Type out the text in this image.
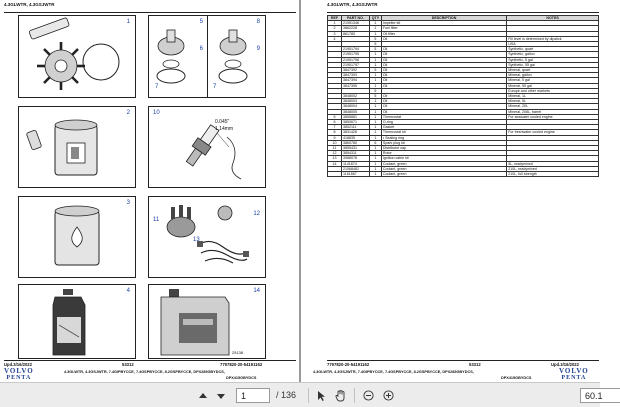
4.3GLWTR, 4.3GSJWTR
1	5	8
6	9
7	7
2	10
0.045"
1.14mm
3
11
12
13
4	14
25138
Upd.3/16/2022	53312	7797820-20-54191162
4.3GLWTR, 4.3GSJWTR, 7.4GIPBYCCE, 7.4GSPBYCCE, 8.2GSPBYCCE, DPX285GBYDCS,
DPX415GBYDCS
VOLVO
PENTA
4.3GLWTR, 4.3GSJWTR
REF	PART NO.	QTY	DESCRIPTION	NOTES
1	21951346	1	Impeller kit	
2	3862228	1	Fuel filter	
3	861780	1	Oil filter	
4		5	Oil	Fill level is determined by dipstick
		5		USA
	21951794	5	Oil	Synthetic, quart
	21951795	1	Oil	Synthetic, gallon
	21951796	1	Oil	Synthetic, 5 gal
	21951797	1	Oil	Synthetic, 55 gal
	3847392	5	Oil	Mineral, quart
	3847393	1	Oil	Mineral, gallon
	3847394	1	Oil	Mineral, 5 gal
	3847395	1	Oil	Mineral, 55 gal
		5		Europe and other markets
	3848002	5	Oil	Mineral, 1L
	3848003	1	Oil	Mineral, 5L
	3848004	1	Oil	Mineral, 20L
	3848005	1	Oil	Mineral, 208L, barrel
5	3855881	1	Thermostat	For seawater cooled engine
6	3850671	1	O-ring	
7	3852111	1	Gasket	
8	3831426	1	Thermostat kit	For freshwater cooled engine
9	418835	1	• Sealing ring	
10	3860780	6	Spark plug kit	
11	3855431	1	Distributor cap	
12	3854311	1	Rotor	
13	3988078	1	Ignition cable kit	
14	1141674	1	Coolant, green	5L, readymixed
	21068481	1	Coolant, green	210L, readymixed
	1161667	1	Coolant, green	210L, full strength
7797820-20-54191162	53312	Upd.3/16/2022
4.3GLWTR, 4.3GSJWTR, 7.4GIPBYCCE, 7.4GSPBYCCE, 8.2GSPBYCCE, DPX285GBYDCS,
DPX415GBYDCS
VOLVO
PENTA
1	/ 136	60.1
